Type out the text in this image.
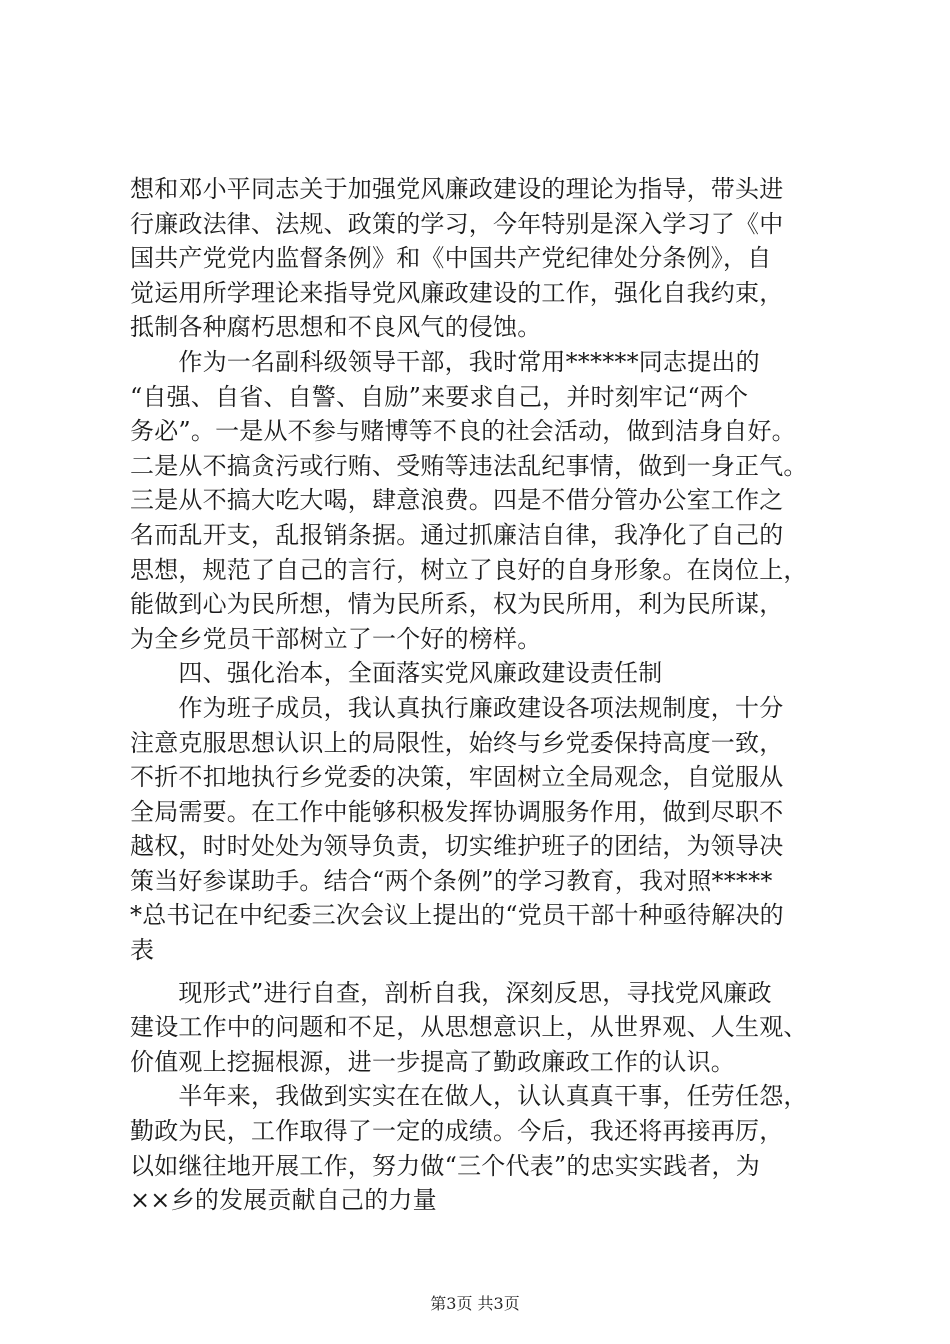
想和邓小平同志关于加强党风廉政建设的理论为指导，带头进
行廉政法律、法规、政策的学习，今年特别是深入学习了《中
国共产党党内监督条例》和《中国共产党纪律处分条例》，自
觉运用所学理论来指导党风廉政建设的工作，强化自我约束，
抵制各种腐朽思想和不良风气的侵蚀。
　　作为一名副科级领导干部，我时常用******同志提出的
“自强、自省、自警、自励”来要求自己，并时刻牢记“两个
务必”。一是从不参与赌博等不良的社会活动，做到洁身自好。
二是从不搞贪污或行贿、受贿等违法乱纪事情，做到一身正气。
三是从不搞大吃大喝，肆意浪费。四是不借分管办公室工作之
名而乱开支，乱报销条据。通过抓廉洁自律，我净化了自己的
思想，规范了自己的言行，树立了良好的自身形象。在岗位上，
能做到心为民所想，情为民所系，权为民所用，利为民所谋，
为全乡党员干部树立了一个好的榜样。
　　四、强化治本，全面落实党风廉政建设责任制
　　作为班子成员，我认真执行廉政建设各项法规制度，十分
注意克服思想认识上的局限性，始终与乡党委保持高度一致，
不折不扣地执行乡党委的决策，牢固树立全局观念，自觉服从
全局需要。在工作中能够积极发挥协调服务作用，做到尽职不
越权，时时处处为领导负责，切实维护班子的团结，为领导决
策当好参谋助手。结合“两个条例”的学习教育，我对照*****
*总书记在中纪委三次会议上提出的“党员干部十种亟待解决的
表
　　现形式”进行自查，剖析自我，深刻反思，寻找党风廉政
建设工作中的问题和不足，从思想意识上，从世界观、人生观、
价值观上挖掘根源，进一步提高了勤政廉政工作的认识。
　　半年来，我做到实实在在做人，认认真真干事，任劳任怨，
勤政为民，工作取得了一定的成绩。今后，我还将再接再厉，
以如继往地开展工作，努力做“三个代表”的忠实实践者，为
××乡的发展贡献自己的力量
第3页 共3页
